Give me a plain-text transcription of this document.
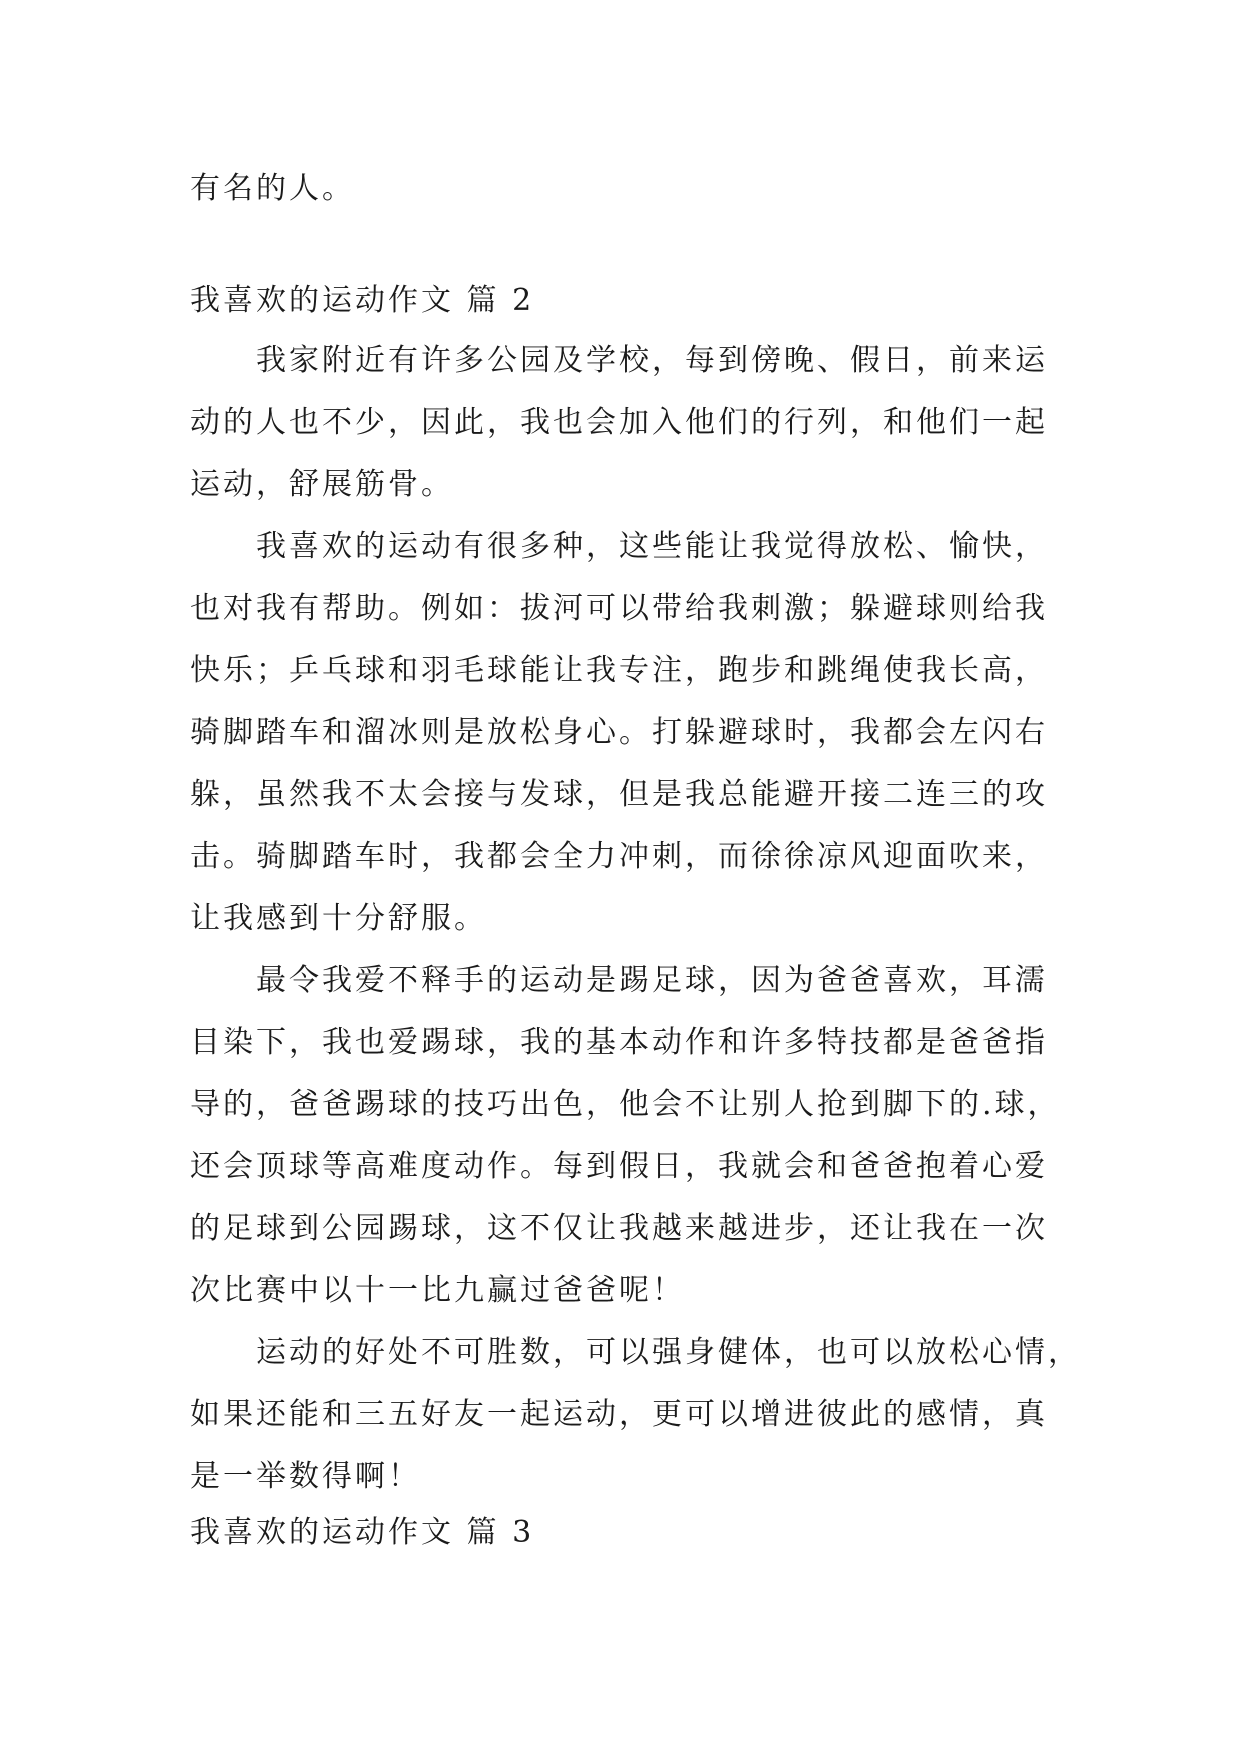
有名的人。
我喜欢的运动作文 篇 2
我家附近有许多公园及学校，每到傍晚、假日，前来运
动的人也不少，因此，我也会加入他们的行列，和他们一起
运动，舒展筋骨。
我喜欢的运动有很多种，这些能让我觉得放松、愉快，
也对我有帮助。例如：拔河可以带给我刺激；躲避球则给我
快乐；乒乓球和羽毛球能让我专注，跑步和跳绳使我长高，
骑脚踏车和溜冰则是放松身心。打躲避球时，我都会左闪右
躲，虽然我不太会接与发球，但是我总能避开接二连三的攻
击。骑脚踏车时，我都会全力冲刺，而徐徐凉风迎面吹来，
让我感到十分舒服。
最令我爱不释手的运动是踢足球，因为爸爸喜欢，耳濡
目染下，我也爱踢球，我的基本动作和许多特技都是爸爸指
导的，爸爸踢球的技巧出色，他会不让别人抢到脚下的.球，
还会顶球等高难度动作。每到假日，我就会和爸爸抱着心爱
的足球到公园踢球，这不仅让我越来越进步，还让我在一次
次比赛中以十一比九赢过爸爸呢！
运动的好处不可胜数，可以强身健体，也可以放松心情，
如果还能和三五好友一起运动，更可以增进彼此的感情，真
是一举数得啊！
我喜欢的运动作文 篇 3
